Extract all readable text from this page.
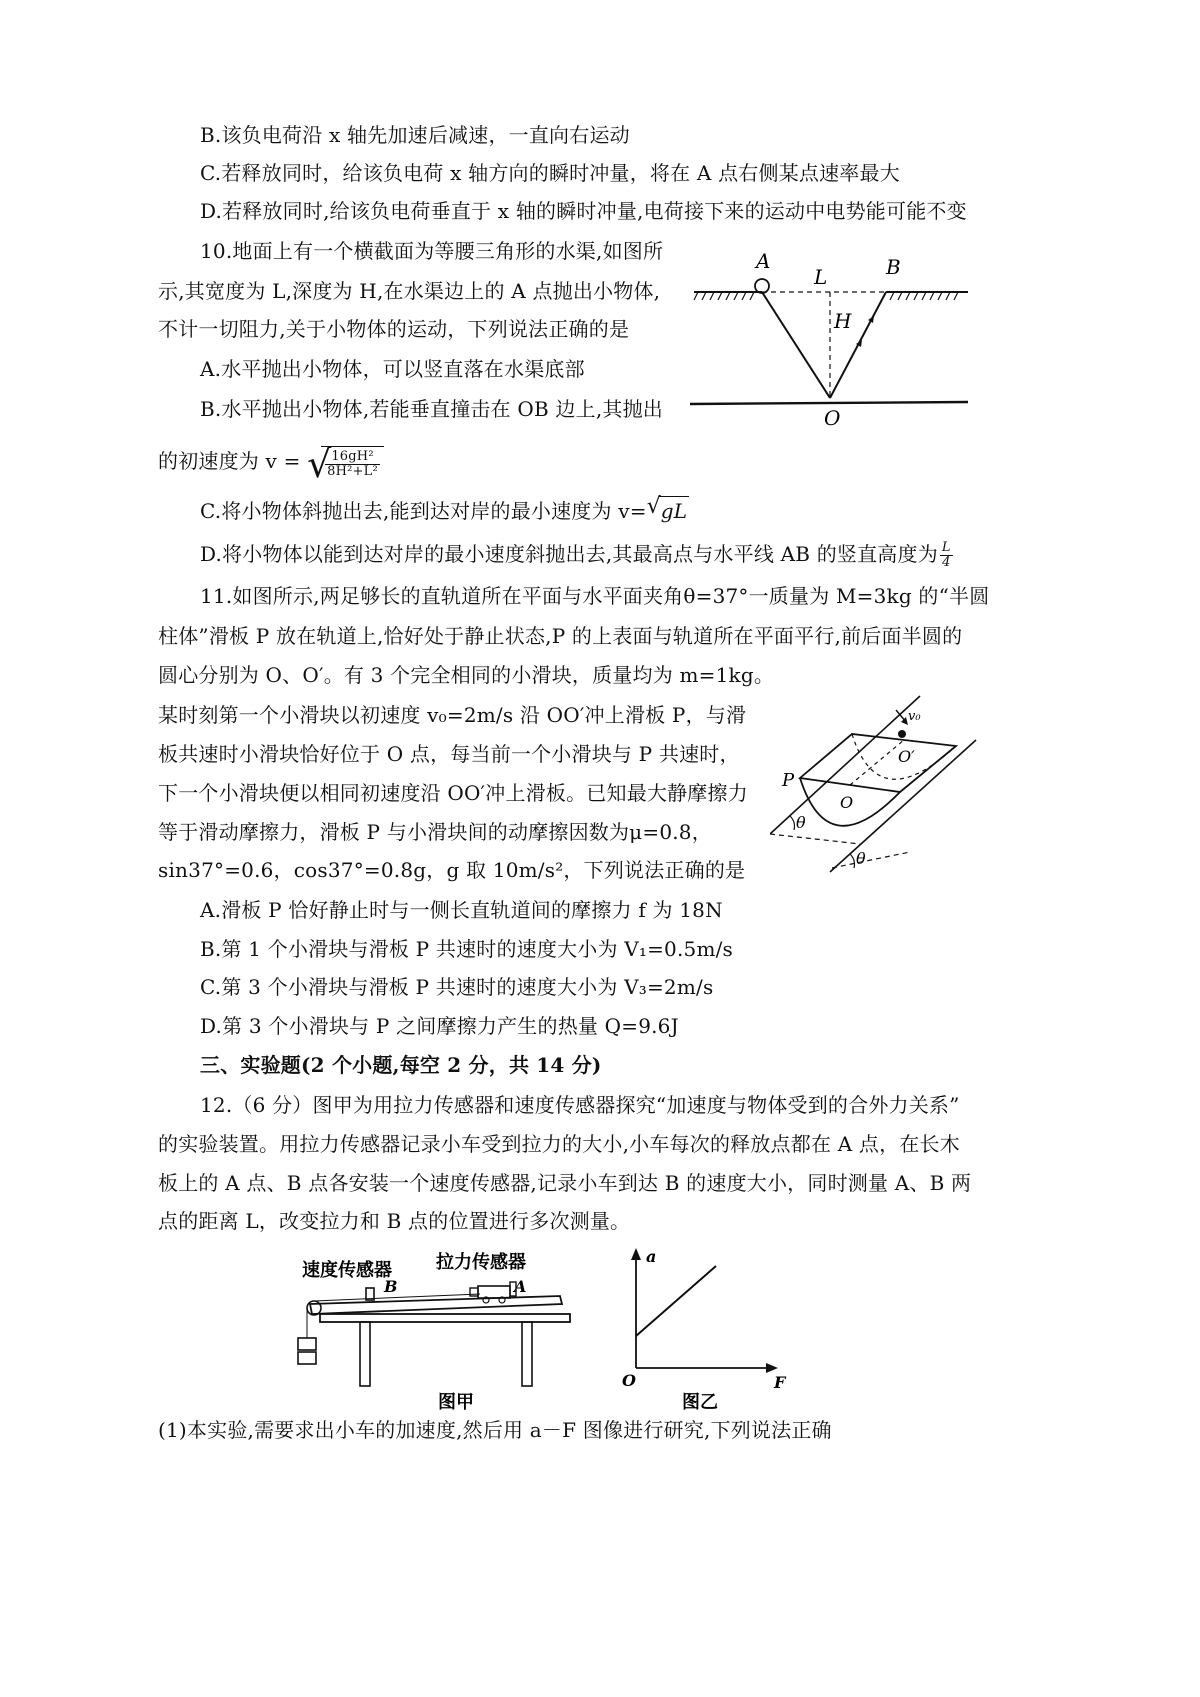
B.该负电荷沿 x 轴先加速后减速，一直向右运动
C.若释放同时，给该负电荷 x 轴方向的瞬时冲量，将在 A 点右侧某点速率最大
D.若释放同时,给该负电荷垂直于 x 轴的瞬时冲量,电荷接下来的运动中电势能可能不变
10.地面上有一个横截面为等腰三角形的水渠,如图所
示,其宽度为 L,深度为 H,在水渠边上的 A 点抛出小物体,
不计一切阻力,关于小物体的运动，下列说法正确的是
A.水平抛出小物体，可以竖直落在水渠底部
B.水平抛出小物体,若能垂直撞击在 OB 边上,其抛出
的初速度为 v = √
$\frac{\text{16gH²}}{\text{8H²+L²}}$
C.将小物体斜抛出去,能到达对岸的最小速度为 v= √ gL
D.将小物体以能到达对岸的最小速度斜抛出去,其最高点与水平线 AB 的竖直高度为 $\frac{L}{4}$
A
L	B
H
O
11.如图所示,两足够长的直轨道所在平面与水平面夹角θ=37°一质量为 M=3kg 的“半圆
柱体”滑板 P 放在轨道上,恰好处于静止状态,P 的上表面与轨道所在平面平行,前后面半圆的
圆心分别为 O、O′。有 3 个完全相同的小滑块，质量均为 m=1kg。
某时刻第一个小滑块以初速度 v₀=2m/s 沿 OO′冲上滑板 P，与滑
板共速时小滑块恰好位于 O 点，每当前一个小滑块与 P 共速时，
下一个小滑块便以相同初速度沿 OO′冲上滑板。已知最大静摩擦力
等于滑动摩擦力，滑板 P 与小滑块间的动摩擦因数为μ=0.8，
sin37°=0.6，cos37°=0.8g，g 取 10m/s²，下列说法正确的是
A.滑板 P 恰好静止时与一侧长直轨道间的摩擦力 f 为 18N
B.第 1 个小滑块与滑板 P 共速时的速度大小为 V₁=0.5m/s
C.第 3 个小滑块与滑板 P 共速时的速度大小为 V₃=2m/s
D.第 3 个小滑块与 P 之间摩擦力产生的热量 Q=9.6J
P
O
O′
v₀
θ
θ
三、实验题(2 个小题,每空 2 分，共 14 分)
12.（6 分）图甲为用拉力传感器和速度传感器探究“加速度与物体受到的合外力关系”
的实验装置。用拉力传感器记录小车受到拉力的大小,小车每次的释放点都在 A 点，在长木
板上的 A 点、B 点各安装一个速度传感器,记录小车到达 B 的速度大小，同时测量 A、B 两
点的距离 L，改变拉力和 B 点的位置进行多次测量。
速度传感器 拉力传感器
B	A
图甲
a
O	F
图乙
(1)本实验,需要求出小车的加速度,然后用 a－F 图像进行研究,下列说法正确
